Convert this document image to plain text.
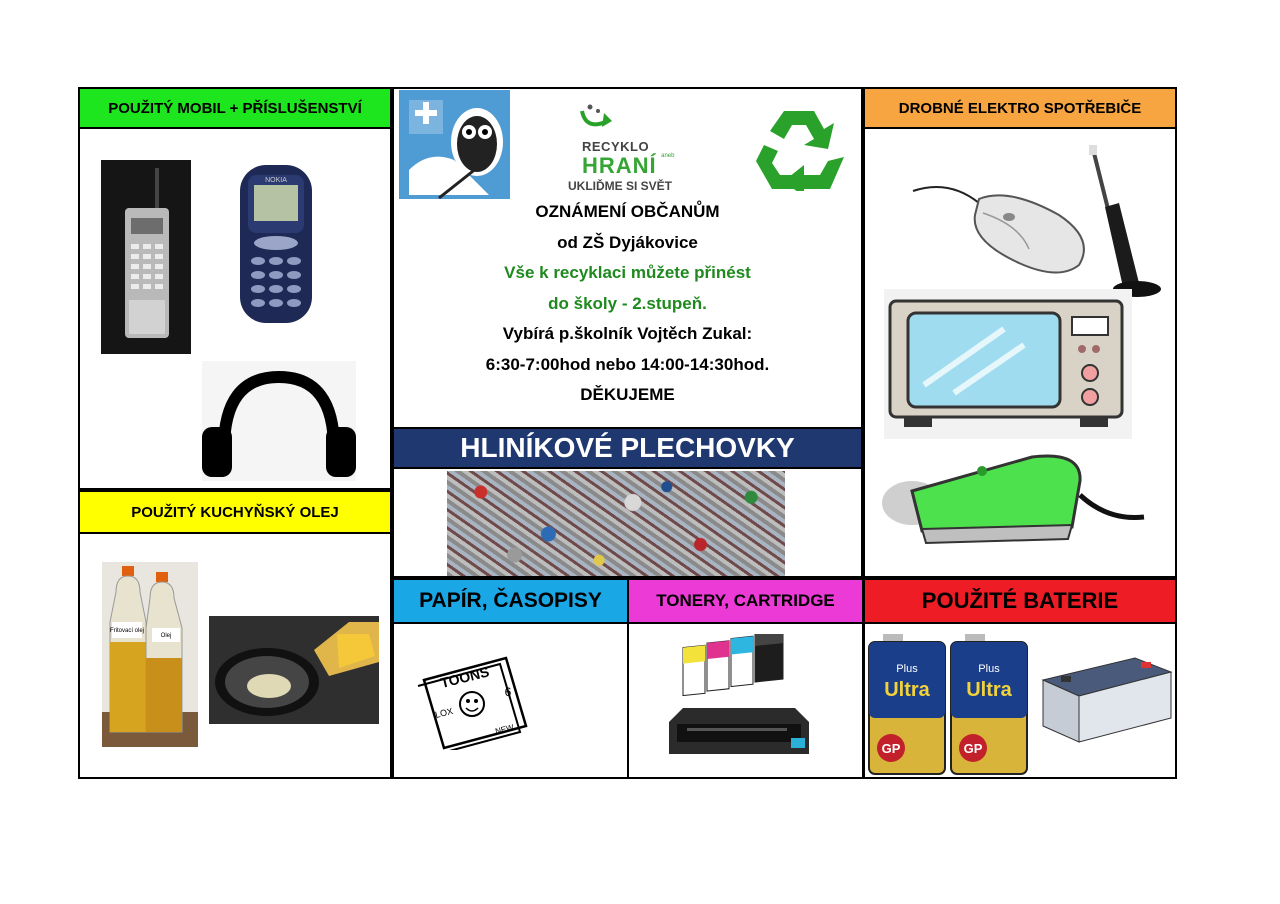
POUŽITÝ MOBIL + PŘÍSLUŠENSTVÍ
NOKIA
POUŽITÝ KUCHYŇSKÝ OLEJ
Fritovací olej
Olej
RECYKLO
HRANÍ $^{aneb}$
UKLIĎME SI SVĚT
OZNÁMENÍ OBČANŮM
od ZŠ Dyjákovice
Vše k recyklaci můžete přinést
do školy - 2.stupeň.
Vybírá p.školník Vojtěch Zukal:
6:30-7:00hod nebo 14:00-14:30hod.
DĚKUJEME
HLINÍKOVÉ PLECHOVKY
PAPÍR, ČASOPISY
TOONS
6
LOX
NEW
TONERY, CARTRIDGE
DROBNÉ ELEKTRO SPOTŘEBIČE
POUŽITÉ BATERIE
Plus
Ultra
GP
Plus
Ultra
GP
